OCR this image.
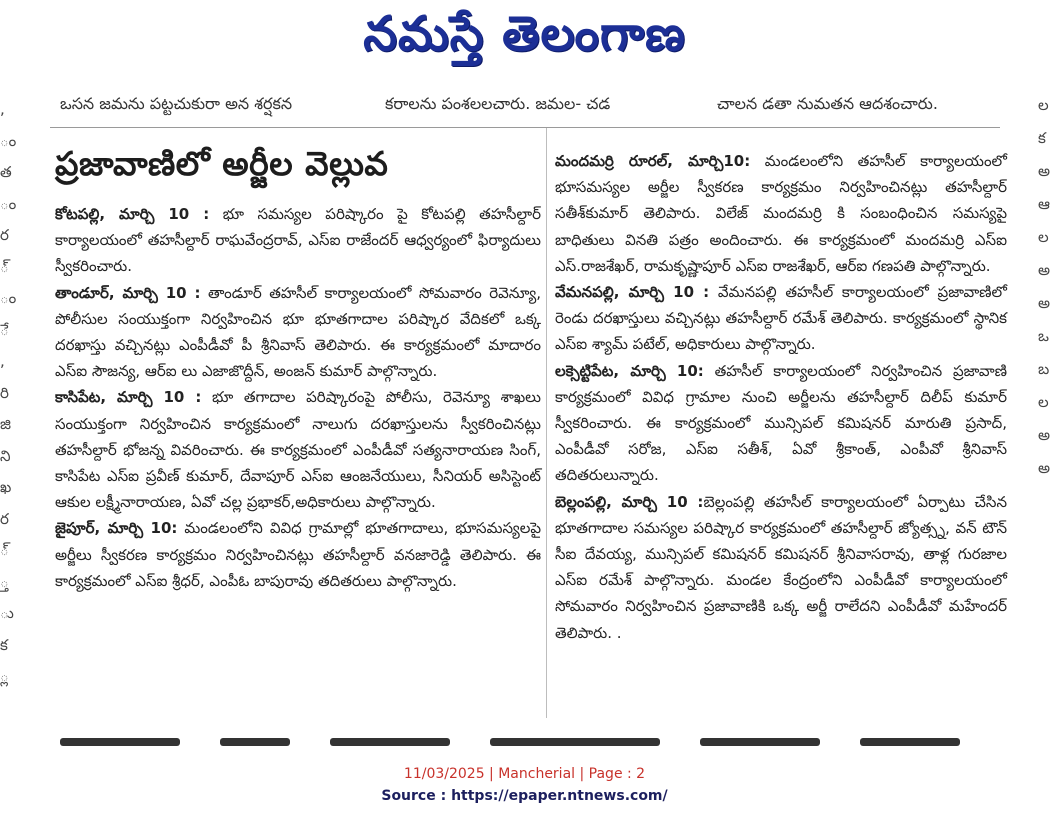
నమస్తే తెలంగాణ
ఒసన జమను పట్టచుకురా అన శర్షకన	కరాలను పంశలలచారు. జమల- చడ	చాలన డతా నుమతన ఆదశంచారు.
,
ం
త
ం
ర
్
ం
ే
,
రి
జి
ని
ఖ
ర
్
్త
ు
క
్ల
ల
క
అ
ఆ
ల
అ
అ
ఒ
బ
ల
అ
అ
ప్రజావాణిలో అర్జీల వెల్లువ

కోటపల్లి, మార్చి 10 : భూ సమస్యల పరిష్కారం పై కోటపల్లి తహసీల్దార్ కార్యాలయంలో తహసీల్దార్ రాఘవేంద్రరావ్, ఎస్ఐ రాజేందర్ ఆధ్వర్యంలో ఫిర్యాదులు స్వీకరించారు.

తాండూర్, మార్చి 10 : తాండూర్ తహసీల్ కార్యాలయంలో సోమవారం రెవెన్యూ, పోలీసుల సంయుక్తంగా నిర్వహించిన భూ భూతగాదాల పరిష్కార వేదికలో ఒక్క దరఖాస్తు వచ్చినట్లు ఎంపీడీవో పీ శ్రీనివాస్ తెలిపారు. ఈ కార్యక్రమంలో మాదారం ఎస్ఐ సౌజన్య, ఆర్ఐ లు ఎజాజొద్దీన్, అంజన్ కుమార్ పాల్గొన్నారు.

కాసిపేట, మార్చి 10 : భూ తగాదాల పరిష్కారంపై పోలీసు, రెవెన్యూ శాఖలు సంయుక్తంగా నిర్వహించిన కార్యక్రమంలో నాలుగు దరఖాస్తులను స్వీకరించినట్లు తహసీల్దార్ భోజన్న వివరించారు. ఈ కార్యక్రమంలో ఎంపీడీవో సత్యనారాయణ సింగ్, కాసిపేట ఎస్ఐ ప్రవీణ్ కుమార్, దేవాపూర్ ఎస్ఐ ఆంజనేయులు, సీనియర్ అసిస్టెంట్ ఆకుల లక్ష్మీనారాయణ, ఏవో చల్ల ప్రభాకర్,అధికారులు పాల్గొన్నారు.

జైపూర్, మార్చి 10: మండలంలోని వివిధ గ్రామాల్లో భూతగాదాలు, భూసమస్యలపై అర్జీలు స్వీకరణ కార్యక్రమం నిర్వహించినట్లు తహసీల్దార్ వనజారెడ్డి తెలిపారు. ఈ కార్యక్రమంలో ఎస్ఐ శ్రీధర్, ఎంపీఓ బాపురావు తదితరులు పాల్గొన్నారు.

మందమర్రి రూరల్, మార్చి10: మండలంలోని తహసీల్ కార్యాలయంలో భూసమస్యల అర్జీల స్వీకరణ కార్యక్రమం నిర్వహించినట్లు తహసీల్దార్ సతీశ్‌కుమార్ తెలిపారు. విలేజ్ మందమర్రి కి సంబంధించిన సమస్యపై బాధితులు వినతి పత్రం అందించారు. ఈ కార్యక్రమంలో మందమర్రి ఎస్ఐ ఎస్.రాజశేఖర్, రామకృష్ణాపూర్ ఎస్ఐ రాజశేఖర్, ఆర్ఐ గణపతి పాల్గొన్నారు.

వేమనపల్లి, మార్చి 10 : వేమనపల్లి తహసీల్ కార్యాలయంలో ప్రజావాణిలో రెండు దరఖాస్తులు వచ్చినట్లు తహసీల్దార్ రమేశ్ తెలిపారు. కార్యక్రమంలో స్థానిక ఎస్ఐ శ్యామ్ పటేల్, అధికారులు పాల్గొన్నారు.

లక్సెట్టిపేట, మార్చి 10: తహసీల్ కార్యాలయంలో నిర్వహించిన ప్రజావాణి కార్యక్రమంలో వివిధ గ్రామాల నుంచి అర్జీలను తహసీల్దార్ దిలీప్ కుమార్ స్వీకరించారు. ఈ కార్యక్రమంలో మున్సిపల్ కమిషనర్ మారుతి ప్రసాద్, ఎంపీడీవో సరోజ, ఎస్ఐ సతీశ్, ఏవో శ్రీకాంత్, ఎంపీవో శ్రీనివాస్ తదితరులున్నారు.

బెల్లంపల్లి, మార్చి 10 :బెల్లంపల్లి తహసీల్ కార్యాలయంలో ఏర్పాటు చేసిన భూతగాదాల సమస్యల పరిష్కార కార్యక్రమంలో తహసీల్దార్ జ్యోత్స్న, వన్ టౌన్ సీఐ దేవయ్య, మున్సిపల్ కమిషనర్ కమిషనర్ శ్రీనివాసరావు, తాళ్ల గురజాల ఎస్ఐ రమేశ్ పాల్గొన్నారు. మండల కేంద్రంలోని ఎంపీడీవో కార్యాలయంలో సోమవారం నిర్వహించిన ప్రజావాణికి ఒక్క అర్జీ రాలేదని ఎంపీడీవో మహేందర్ తెలిపారు. .

11/03/2025 | Mancherial | Page : 2
Source : https://epaper.ntnews.com/
